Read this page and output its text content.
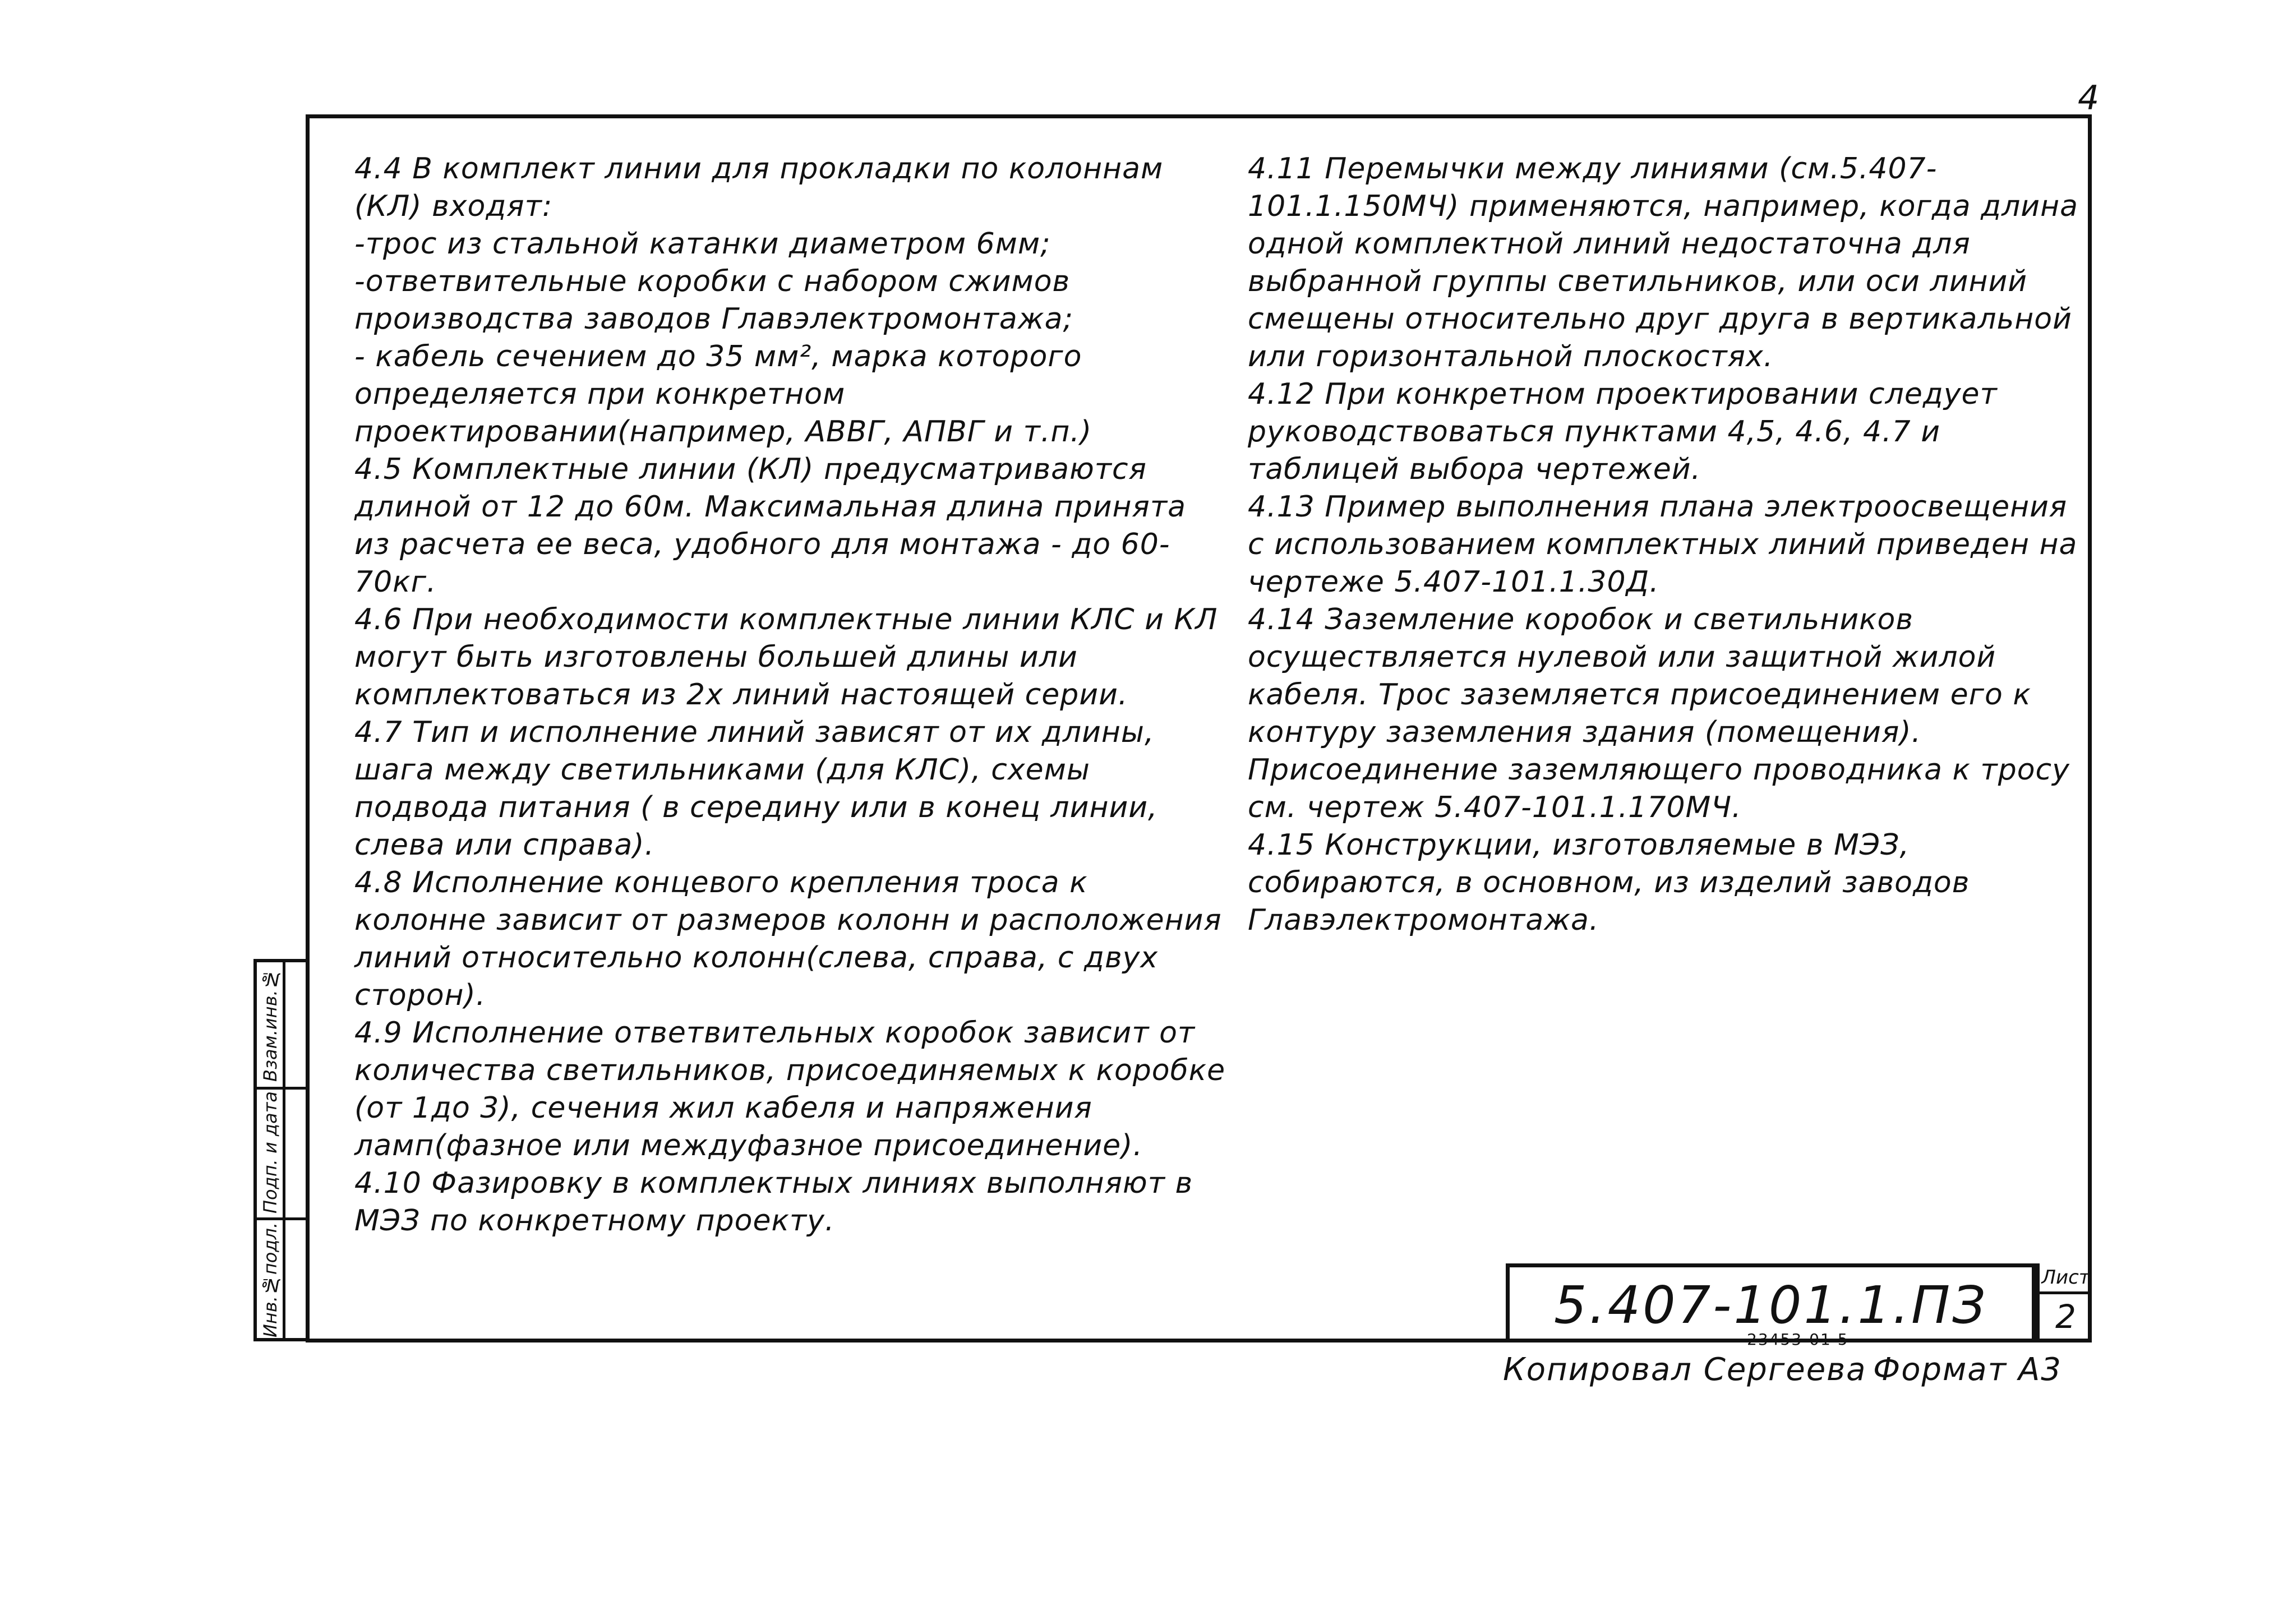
4
Взам.инв.№
Подп. и дата
Инв.№подл.

4.4 В комплект линии для прокладки по колоннам (КЛ) входят:

-трос из стальной катанки диаметром 6мм;

-ответвительные коробки с набором сжимов производства заводов Главэлектромонтажа;

- кабель сечением до 35 мм², марка которого определяется при конкретном проектировании(например, АВВГ, АПВГ и т.п.)

4.5 Комплектные линии (КЛ) предусматриваются длиной от 12 до 60м. Максимальная длина принята из расчета ее веса, удобного для монтажа - до 60-70кг.

4.6 При необходимости комплектные линии КЛС и КЛ могут быть изготовлены большей длины или комплектоваться из 2х линий настоящей серии.

4.7 Тип и исполнение линий зависят от их длины, шага между светильниками (для КЛС), схемы подвода питания ( в середину или в конец линии, слева или справа).

4.8 Исполнение концевого крепления троса к колонне зависит от размеров колонн и расположения линий относительно колонн(слева, справа, с двух сторон).

4.9 Исполнение ответвительных коробок зависит от количества светильников, присоединяемых к коробке (от 1до 3), сечения жил кабеля и напряжения ламп(фазное или междуфазное присоединение).

4.10 Фазировку в комплектных линиях выполняют в МЭЗ по конкретному проекту.

4.11 Перемычки между линиями (см.5.407-101.1.150МЧ) применяются, например, когда длина одной комплектной линий недостаточна для выбранной группы светильников, или оси линий смещены относительно друг друга в вертикальной или горизонтальной плоскостях.

4.12 При конкретном проектировании следует руководствоваться пунктами 4,5, 4.6, 4.7 и таблицей выбора чертежей.

4.13 Пример выполнения плана электроосвещения с использованием комплектных линий приведен на чертеже 5.407-101.1.30Д.

4.14 Заземление коробок и светильников осуществляется нулевой или защитной жилой кабеля. Трос заземляется присоединением его к контуру заземления здания (помещения). Присоединение заземляющего проводника к тросу см. чертеж 5.407-101.1.170МЧ.

4.15 Конструкции, изготовляемые в МЭЗ, собираются, в основном, из изделий заводов Главэлектромонтажа.

5.407-101.1.ПЗ	Лист
2
23453-01 5
Копировал Сергеева Формат А3
